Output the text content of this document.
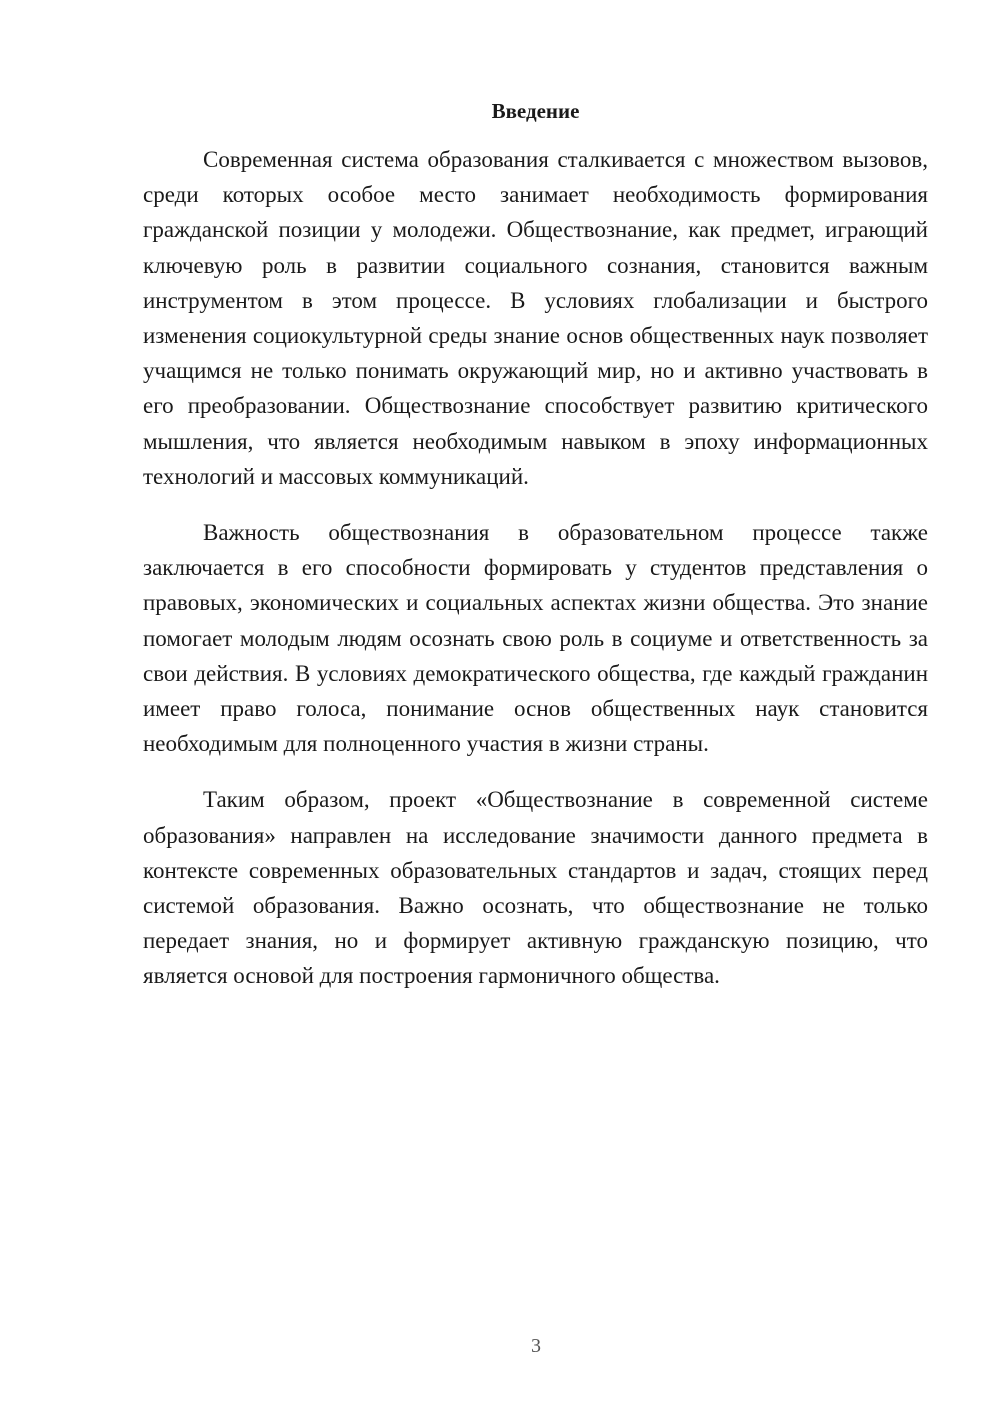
Введение

Современная система образования сталкивается с множеством вызовов, среди которых особое место занимает необходимость формирования гражданской позиции у молодежи. Обществознание, как предмет, играющий ключевую роль в развитии социального сознания, становится важным инструментом в этом процессе. В условиях глобализации и быстрого изменения социокультурной среды знание основ общественных наук позволяет учащимся не только понимать окружающий мир, но и активно участвовать в его преобразовании. Обществознание способствует развитию критического мышления, что является необходимым навыком в эпоху информационных технологий и массовых коммуникаций.

Важность обществознания в образовательном процессе также заключается в его способности формировать у студентов представления о правовых, экономических и социальных аспектах жизни общества. Это знание помогает молодым людям осознать свою роль в социуме и ответственность за свои действия. В условиях демократического общества, где каждый гражданин имеет право голоса, понимание основ общественных наук становится необходимым для полноценного участия в жизни страны.

Таким образом, проект «Обществознание в современной системе образования» направлен на исследование значимости данного предмета в контексте современных образовательных стандартов и задач, стоящих перед системой образования. Важно осознать, что обществознание не только передает знания, но и формирует активную гражданскую позицию, что является основой для построения гармоничного общества.

3
